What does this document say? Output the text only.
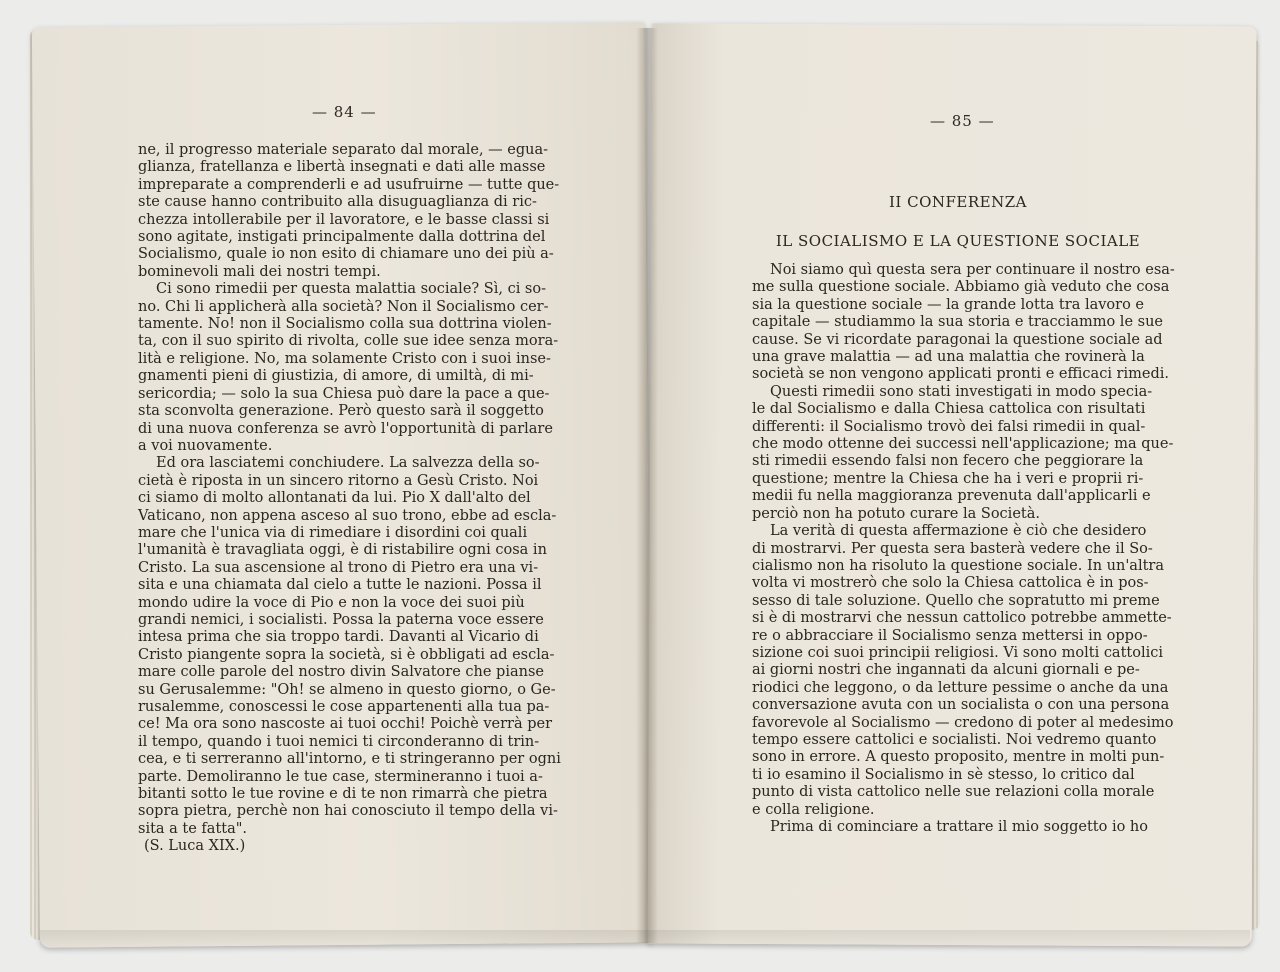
— 84 —	— 85 —
ne, il progresso materiale separato dal morale, — egua-
glianza, fratellanza e libertà insegnati e dati alle masse
impreparate a comprenderli e ad usufruirne — tutte que-
ste cause hanno contribuito alla disuguaglianza di ric-
chezza intollerabile per il lavoratore, e le basse classi si
sono agitate, instigati principalmente dalla dottrina del
Socialismo, quale io non esito di chiamare uno dei più a-
bominevoli mali dei nostri tempi.
Ci sono rimedii per questa malattia sociale? Sì, ci so-
no. Chi li applicherà alla società? Non il Socialismo cer-
tamente. No! non il Socialismo colla sua dottrina violen-
ta, con il suo spirito di rivolta, colle sue idee senza mora-
lità e religione. No, ma solamente Cristo con i suoi inse-
gnamenti pieni di giustizia, di amore, di umiltà, di mi-
sericordia; — solo la sua Chiesa può dare la pace a que-
sta sconvolta generazione. Però questo sarà il soggetto
di una nuova conferenza se avrò l'opportunità di parlare
a voi nuovamente.
Ed ora lasciatemi conchiudere. La salvezza della so-
cietà è riposta in un sincero ritorno a Gesù Cristo. Noi
ci siamo di molto allontanati da lui. Pio X dall'alto del
Vaticano, non appena asceso al suo trono, ebbe ad escla-
mare che l'unica via di rimediare i disordini coi quali
l'umanità è travagliata oggi, è di ristabilire ogni cosa in
Cristo. La sua ascensione al trono di Pietro era una vi-
sita e una chiamata dal cielo a tutte le nazioni. Possa il
mondo udire la voce di Pio e non la voce dei suoi più
grandi nemici, i socialisti. Possa la paterna voce essere
intesa prima che sia troppo tardi. Davanti al Vicario di
Cristo piangente sopra la società, si è obbligati ad escla-
mare colle parole del nostro divin Salvatore che pianse
su Gerusalemme: "Oh! se almeno in questo giorno, o Ge-
rusalemme, conoscessi le cose appartenenti alla tua pa-
ce! Ma ora sono nascoste ai tuoi occhi! Poichè verrà per
il tempo, quando i tuoi nemici ti circonderanno di trin-
cea, e ti serreranno all'intorno, e ti stringeranno per ogni
parte. Demoliranno le tue case, stermineranno i tuoi a-
bitanti sotto le tue rovine e di te non rimarrà che pietra
sopra pietra, perchè non hai conosciuto il tempo della vi-
sita a te fatta".
(S. Luca XIX.)
II CONFERENZA
IL SOCIALISMO E LA QUESTIONE SOCIALE
Noi siamo quì questa sera per continuare il nostro esa-
me sulla questione sociale. Abbiamo già veduto che cosa
sia la questione sociale — la grande lotta tra lavoro e
capitale — studiammo la sua storia e tracciammo le sue
cause. Se vi ricordate paragonai la questione sociale ad
una grave malattia — ad una malattia che rovinerà la
società se non vengono applicati pronti e efficaci rimedi.
Questi rimedii sono stati investigati in modo specia-
le dal Socialismo e dalla Chiesa cattolica con risultati
differenti: il Socialismo trovò dei falsi rimedii in qual-
che modo ottenne dei successi nell'applicazione; ma que-
sti rimedii essendo falsi non fecero che peggiorare la
questione; mentre la Chiesa che ha i veri e proprii ri-
medii fu nella maggioranza prevenuta dall'applicarli e
perciò non ha potuto curare la Società.
La verità di questa affermazione è ciò che desidero
di mostrarvi. Per questa sera basterà vedere che il So-
cialismo non ha risoluto la questione sociale. In un'altra
volta vi mostrerò che solo la Chiesa cattolica è in pos-
sesso di tale soluzione. Quello che sopratutto mi preme
si è di mostrarvi che nessun cattolico potrebbe ammette-
re o abbracciare il Socialismo senza mettersi in oppo-
sizione coi suoi principii religiosi. Vi sono molti cattolici
ai giorni nostri che ingannati da alcuni giornali e pe-
riodici che leggono, o da letture pessime o anche da una
conversazione avuta con un socialista o con una persona
favorevole al Socialismo — credono di poter al medesimo
tempo essere cattolici e socialisti. Noi vedremo quanto
sono in errore. A questo proposito, mentre in molti pun-
ti io esamino il Socialismo in sè stesso, lo critico dal
punto di vista cattolico nelle sue relazioni colla morale
e colla religione.
Prima di cominciare a trattare il mio soggetto io ho
